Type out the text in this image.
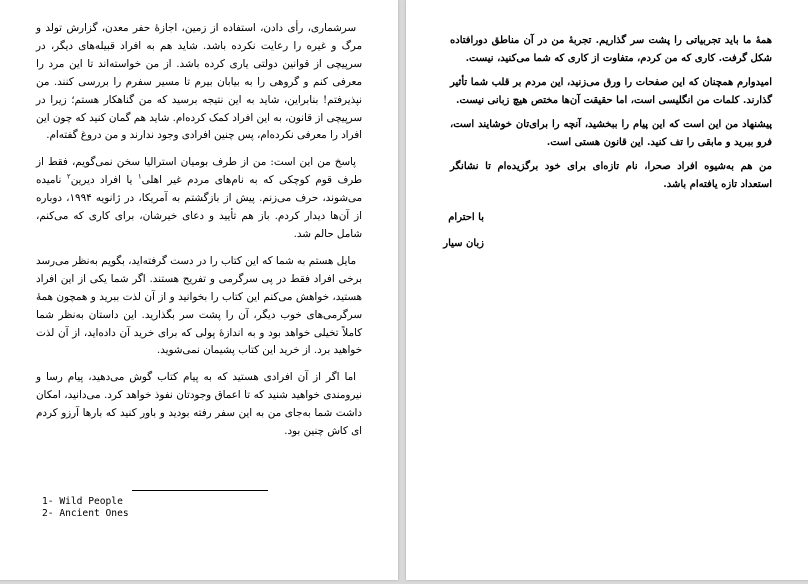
سرشماری، رأی دادن، استفاده از زمین، اجازهٔ حفر معدن، گزارش تولد و مرگ و غیره را رعایت نکرده باشد. شاید هم به افراد قبیله‌های دیگر، در سرپیچی از قوانین دولتی یاری کرده باشد. از من خواسته‌اند تا این مرد را معرفی کنم و گروهی را به بیابان بیرم تا مسیر سفرم را بررسی کنند. من نپذیرفتم! بنابراین، شاید به این نتیجه برسید که من گناهکار هستم؛ زیرا در سرپیچی از قانون، به این افراد کمک کرده‌ام. شاید هم گمان کنید که چون این افراد را معرفی نکرده‌ام، پس چنین افرادی وجود ندارند و من دروغ گفته‌ام.

پاسخ من این است: من از طرف بومیان استرالیا سخن نمی‌گویم، فقط از طرف قوم کوچکی که به نام‌های مردم غیر اهلی$^۱$ یا افراد دیرین$^۲$ نامیده می‌شوند، حرف می‌زنم. پیش از بازگشتم به آمریکا، در ژانویه ۱۹۹۴، دوباره از آن‌ها دیدار کردم. باز هم تأیید و دعای خیرشان، برای کاری که می‌کنم، شامل حالم شد.

مایل هستم به شما که این کتاب را در دست گرفته‌اید، بگویم به‌نظر می‌رسد برخی افراد فقط در پی سرگرمی و تفریح هستند. اگر شما یکی از این افراد هستید، خواهش می‌کنم این کتاب را بخوانید و از آن لذت ببرید و همچون همهٔ سرگرمی‌های خوب دیگر، آن را پشت سر بگذارید. این داستان به‌نظر شما کاملاً تخیلی خواهد بود و به اندازهٔ پولی که برای خرید آن داده‌اید، از آن لذت خواهید برد. از خرید این کتاب پشیمان نمی‌شوید.

اما اگر از آن افرادی هستید که به پیام کتاب گوش می‌دهید، پیام رسا و نیرومندی خواهید شنید که تا اعماق وجودتان نفوذ خواهد کرد. می‌دانید، امکان داشت شما به‌جای من به این سفر رفته بودید و باور کنید که بارها آرزو کردم ای کاش چنین بود.

1- Wild People
2- Ancient Ones

همهٔ ما باید تجربیاتی را پشت سر گذاریم. تجربهٔ من در آن مناطق دورافتاده شکل گرفت. کاری که من کردم، متفاوت از کاری که شما می‌کنید، نیست.

امیدوارم همچنان که این صفحات را ورق می‌زنید، این مردم بر قلب شما تأثیر گذارند. کلمات من انگلیسی است، اما حقیقت آن‌ها مختص هیچ زبانی نیست.

پیشنهاد من این است که این پیام را ببخشید، آنچه را برای‌تان خوشایند است، فرو ببرید و مابقی را تف کنید. این قانون هستی است.

من هم به‌شیوه افراد صحرا، نام تازه‌ای برای خود برگزیده‌ام تا نشانگر استعداد تازه یافته‌ام باشد.

با احترام
زبان سیار
